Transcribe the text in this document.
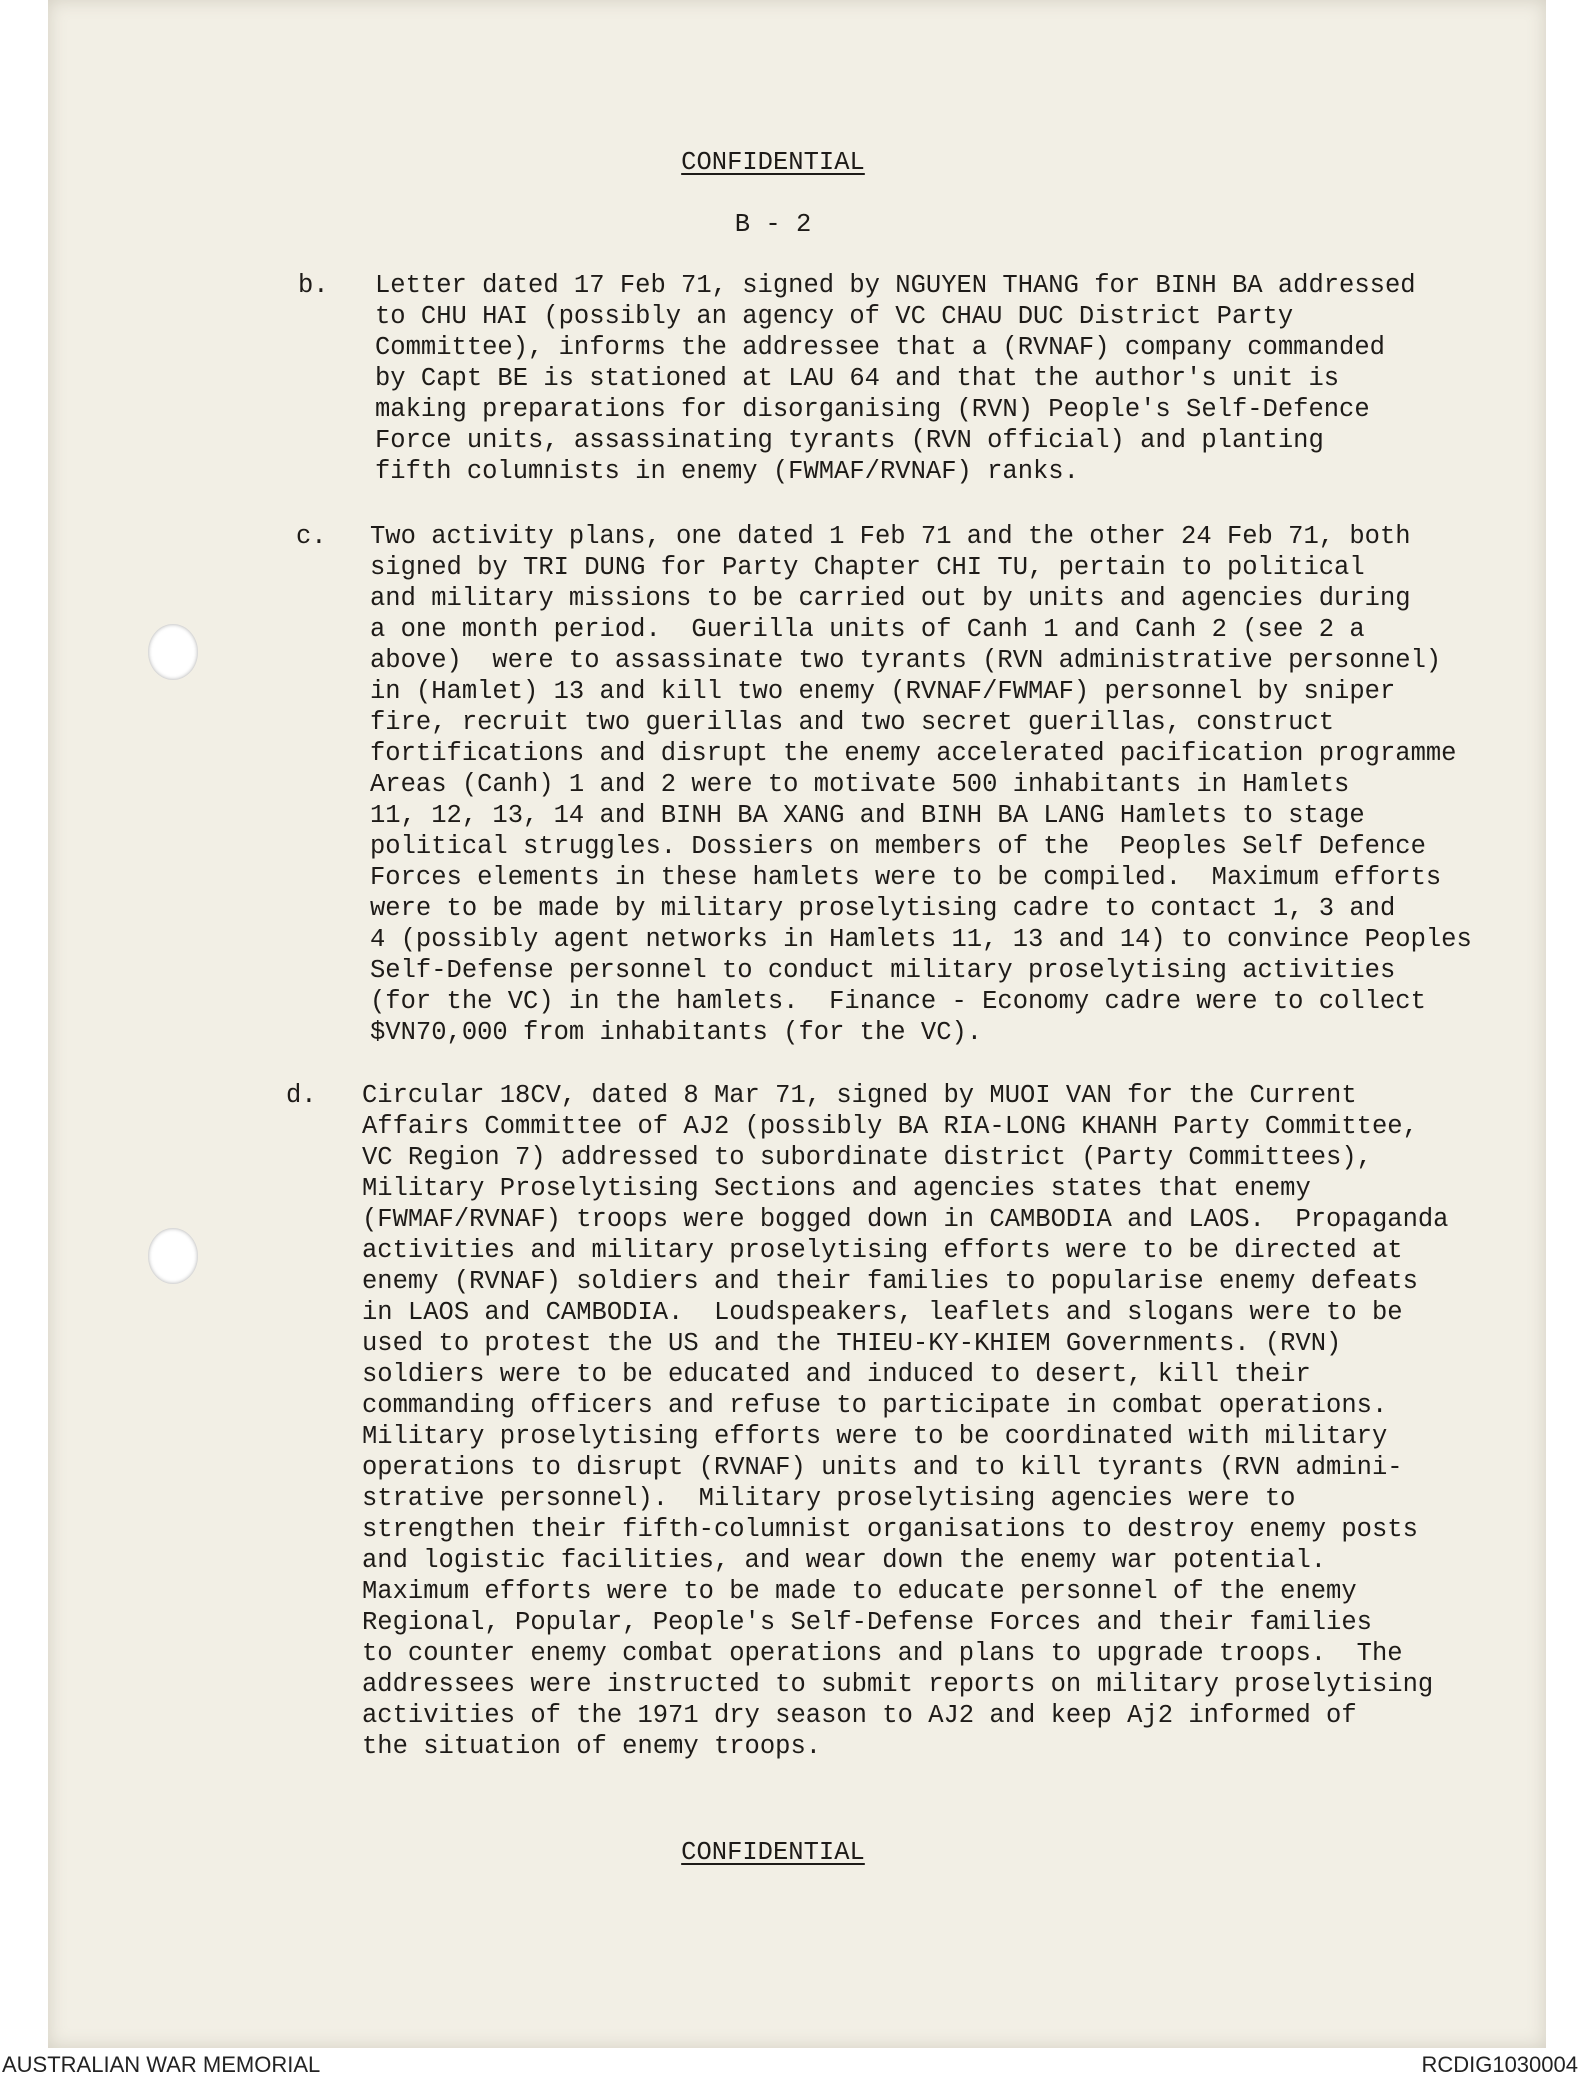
CONFIDENTIAL
B - 2
b. Letter dated 17 Feb 71, signed by NGUYEN THANG for BINH BA addressed
to CHU HAI (possibly an agency of VC CHAU DUC District Party
Committee), informs the addressee that a (RVNAF) company commanded
by Capt BE is stationed at LAU 64 and that the author's unit is
making preparations for disorganising (RVN) People's Self-Defence
Force units, assassinating tyrants (RVN official) and planting
fifth columnists in enemy (FWMAF/RVNAF) ranks.
c. Two activity plans, one dated 1 Feb 71 and the other 24 Feb 71, both
signed by TRI DUNG for Party Chapter CHI TU, pertain to political
and military missions to be carried out by units and agencies during
a one month period.  Guerilla units of Canh 1 and Canh 2 (see 2 a
above)  were to assassinate two tyrants (RVN administrative personnel)
in (Hamlet) 13 and kill two enemy (RVNAF/FWMAF) personnel by sniper
fire, recruit two guerillas and two secret guerillas, construct
fortifications and disrupt the enemy accelerated pacification programme
Areas (Canh) 1 and 2 were to motivate 500 inhabitants in Hamlets
11, 12, 13, 14 and BINH BA XANG and BINH BA LANG Hamlets to stage
political struggles. Dossiers on members of the  Peoples Self Defence
Forces elements in these hamlets were to be compiled.  Maximum efforts
were to be made by military proselytising cadre to contact 1, 3 and
4 (possibly agent networks in Hamlets 11, 13 and 14) to convince Peoples
Self-Defense personnel to conduct military proselytising activities
(for the VC) in the hamlets.  Finance - Economy cadre were to collect
$VN70,000 from inhabitants (for the VC).
d. Circular 18CV, dated 8 Mar 71, signed by MUOI VAN for the Current
Affairs Committee of AJ2 (possibly BA RIA-LONG KHANH Party Committee,
VC Region 7) addressed to subordinate district (Party Committees),
Military Proselytising Sections and agencies states that enemy
(FWMAF/RVNAF) troops were bogged down in CAMBODIA and LAOS.  Propaganda
activities and military proselytising efforts were to be directed at
enemy (RVNAF) soldiers and their families to popularise enemy defeats
in LAOS and CAMBODIA.  Loudspeakers, leaflets and slogans were to be
used to protest the US and the THIEU-KY-KHIEM Governments. (RVN)
soldiers were to be educated and induced to desert, kill their
commanding officers and refuse to participate in combat operations.
Military proselytising efforts were to be coordinated with military
operations to disrupt (RVNAF) units and to kill tyrants (RVN admini-
strative personnel).  Military proselytising agencies were to
strengthen their fifth-columnist organisations to destroy enemy posts
and logistic facilities, and wear down the enemy war potential.
Maximum efforts were to be made to educate personnel of the enemy
Regional, Popular, People's Self-Defense Forces and their families
to counter enemy combat operations and plans to upgrade troops.  The
addressees were instructed to submit reports on military proselytising
activities of the 1971 dry season to AJ2 and keep Aj2 informed of
the situation of enemy troops.
CONFIDENTIAL
AUSTRALIAN WAR MEMORIAL	RCDIG1030004
